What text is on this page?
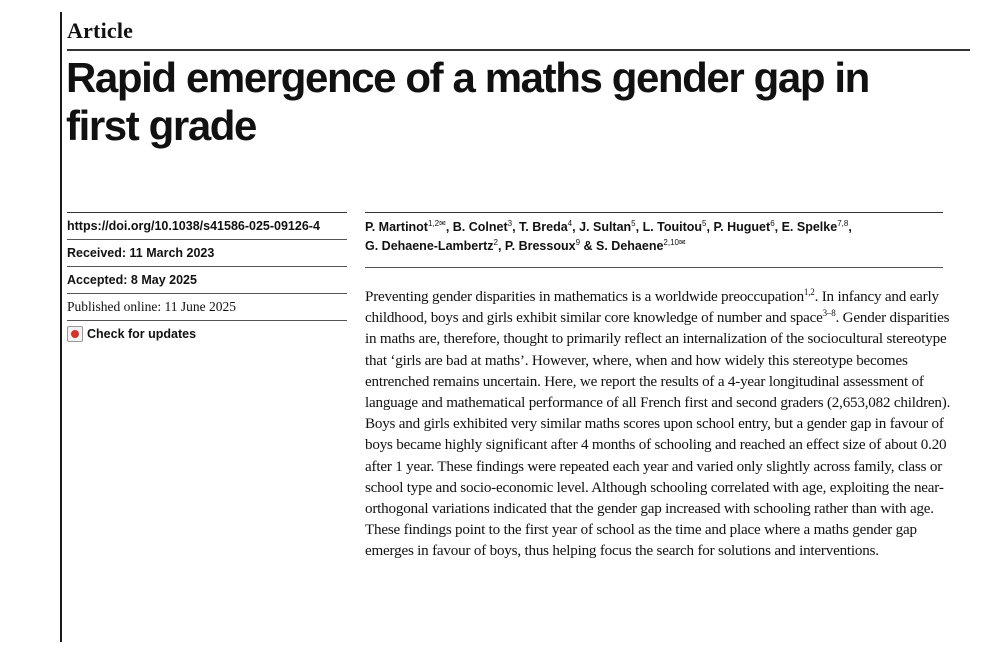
Article
Rapid emergence of a maths gender gap in first grade
https://doi.org/10.1038/s41586-025-09126-4
Received: 11 March 2023
Accepted: 8 May 2025
Published online: 11 June 2025
Check for updates
P. Martinot$^{1,2✉}$, B. Colnet$^3$, T. Breda$^4$, J. Sultan$^5$, L. Touitou$^5$, P. Huguet$^6$, E. Spelke$^{7,8}$,
G. Dehaene-Lambertz$^2$, P. Bressoux$^9$ & S. Dehaene$^{2,10✉}$

Preventing gender disparities in mathematics is a worldwide preoccupation$^{1,2}$. In infancy and early childhood, boys and girls exhibit similar core knowledge of number and space$^{3-8}$. Gender disparities in maths are, therefore, thought to primarily reflect an internalization of the sociocultural stereotype that ‘girls are bad at maths’. However, where, when and how widely this stereotype becomes entrenched remains uncertain. Here, we report the results of a 4-year longitudinal assessment of language and mathematical performance of all French first and second graders (2,653,082 children). Boys and girls exhibited very similar maths scores upon school entry, but a gender gap in favour of boys became highly significant after 4 months of schooling and reached an effect size of about 0.20 after 1 year. These findings were repeated each year and varied only slightly across family, class or school type and socio-economic level. Although schooling correlated with age, exploiting the near-orthogonal variations indicated that the gender gap increased with schooling rather than with age. These findings point to the first year of school as the time and place where a maths gender gap emerges in favour of boys, thus helping focus the search for solutions and interventions.
